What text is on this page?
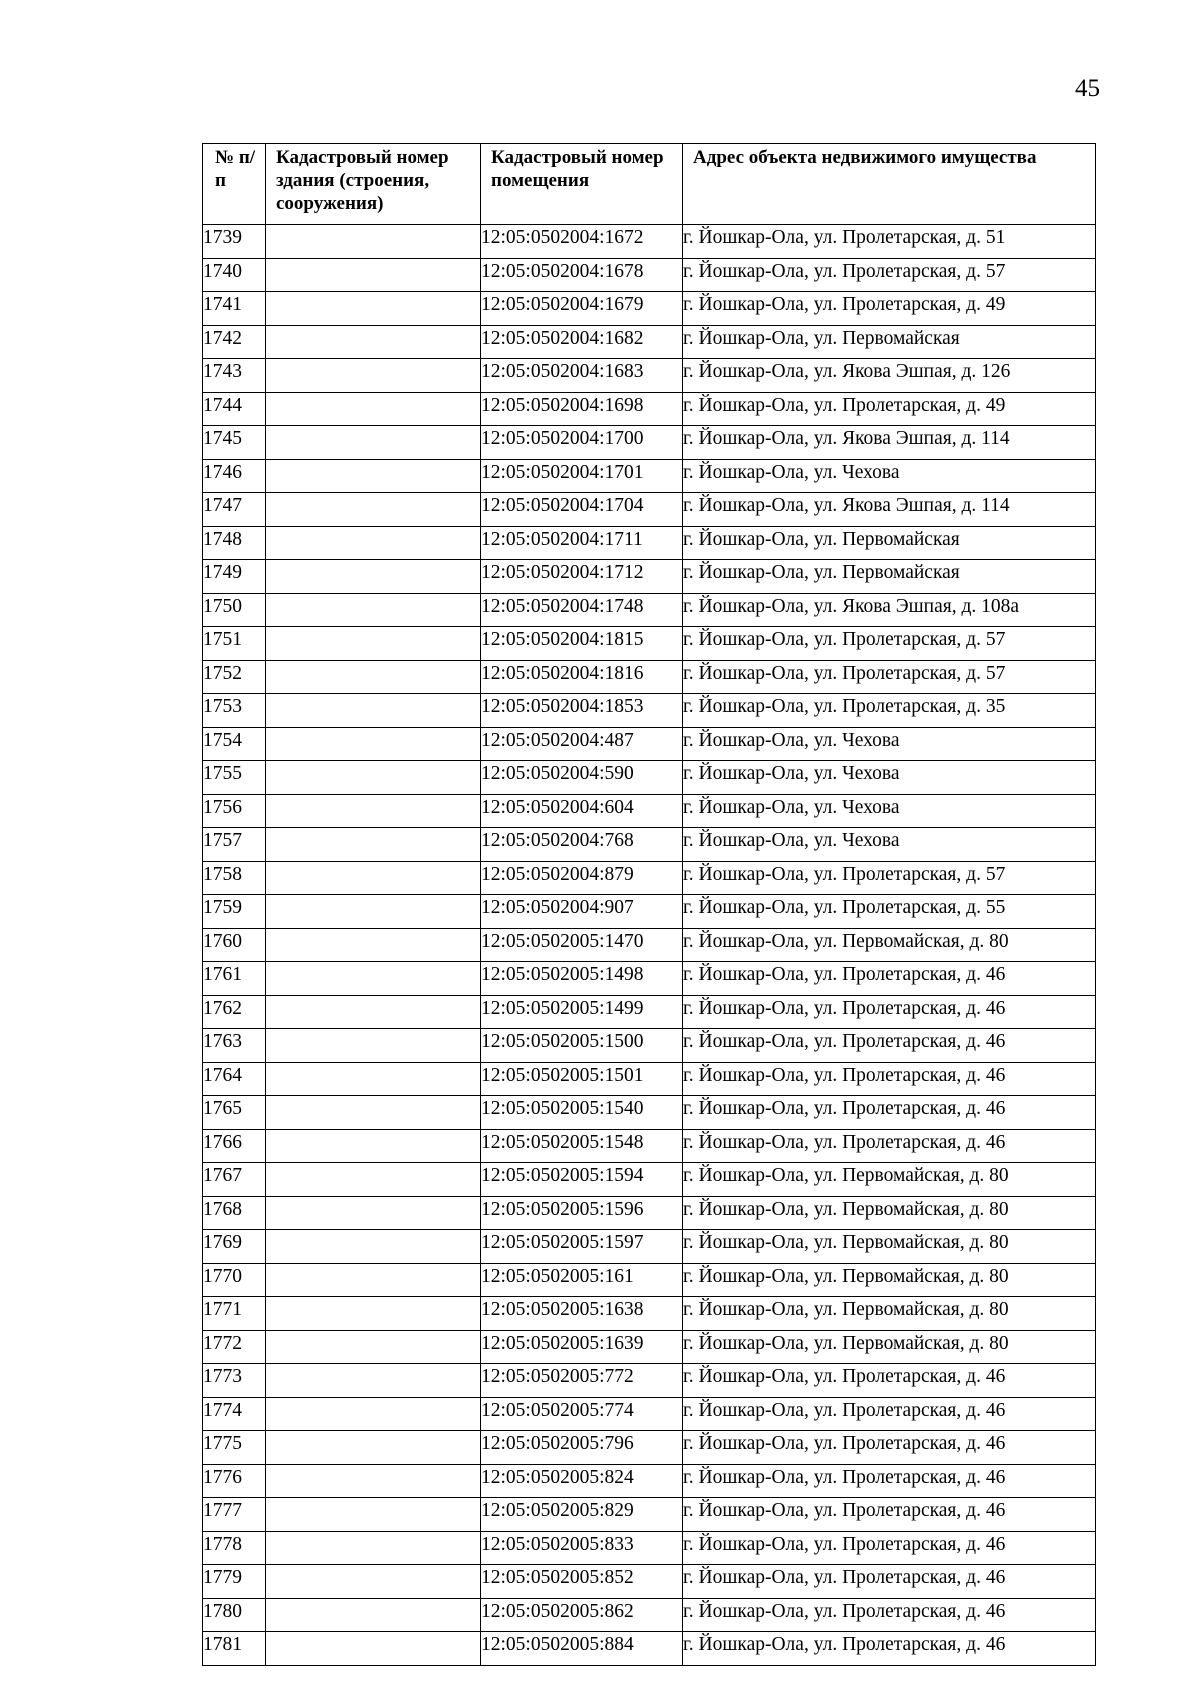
45
№ п/п	Кадастровый номер здания (строения, сооружения)	Кадастровый номер помещения	Адрес объекта недвижимого имущества
1739		12:05:0502004:1672	г. Йошкар-Ола, ул. Пролетарская, д. 51
1740		12:05:0502004:1678	г. Йошкар-Ола, ул. Пролетарская, д. 57
1741		12:05:0502004:1679	г. Йошкар-Ола, ул. Пролетарская, д. 49
1742		12:05:0502004:1682	г. Йошкар-Ола, ул. Первомайская
1743		12:05:0502004:1683	г. Йошкар-Ола, ул. Якова Эшпая, д. 126
1744		12:05:0502004:1698	г. Йошкар-Ола, ул. Пролетарская, д. 49
1745		12:05:0502004:1700	г. Йошкар-Ола, ул. Якова Эшпая, д. 114
1746		12:05:0502004:1701	г. Йошкар-Ола, ул. Чехова
1747		12:05:0502004:1704	г. Йошкар-Ола, ул. Якова Эшпая, д. 114
1748		12:05:0502004:1711	г. Йошкар-Ола, ул. Первомайская
1749		12:05:0502004:1712	г. Йошкар-Ола, ул. Первомайская
1750		12:05:0502004:1748	г. Йошкар-Ола, ул. Якова Эшпая, д. 108а
1751		12:05:0502004:1815	г. Йошкар-Ола, ул. Пролетарская, д. 57
1752		12:05:0502004:1816	г. Йошкар-Ола, ул. Пролетарская, д. 57
1753		12:05:0502004:1853	г. Йошкар-Ола, ул. Пролетарская, д. 35
1754		12:05:0502004:487	г. Йошкар-Ола, ул. Чехова
1755		12:05:0502004:590	г. Йошкар-Ола, ул. Чехова
1756		12:05:0502004:604	г. Йошкар-Ола, ул. Чехова
1757		12:05:0502004:768	г. Йошкар-Ола, ул. Чехова
1758		12:05:0502004:879	г. Йошкар-Ола, ул. Пролетарская, д. 57
1759		12:05:0502004:907	г. Йошкар-Ола, ул. Пролетарская, д. 55
1760		12:05:0502005:1470	г. Йошкар-Ола, ул. Первомайская, д. 80
1761		12:05:0502005:1498	г. Йошкар-Ола, ул. Пролетарская, д. 46
1762		12:05:0502005:1499	г. Йошкар-Ола, ул. Пролетарская, д. 46
1763		12:05:0502005:1500	г. Йошкар-Ола, ул. Пролетарская, д. 46
1764		12:05:0502005:1501	г. Йошкар-Ола, ул. Пролетарская, д. 46
1765		12:05:0502005:1540	г. Йошкар-Ола, ул. Пролетарская, д. 46
1766		12:05:0502005:1548	г. Йошкар-Ола, ул. Пролетарская, д. 46
1767		12:05:0502005:1594	г. Йошкар-Ола, ул. Первомайская, д. 80
1768		12:05:0502005:1596	г. Йошкар-Ола, ул. Первомайская, д. 80
1769		12:05:0502005:1597	г. Йошкар-Ола, ул. Первомайская, д. 80
1770		12:05:0502005:161	г. Йошкар-Ола, ул. Первомайская, д. 80
1771		12:05:0502005:1638	г. Йошкар-Ола, ул. Первомайская, д. 80
1772		12:05:0502005:1639	г. Йошкар-Ола, ул. Первомайская, д. 80
1773		12:05:0502005:772	г. Йошкар-Ола, ул. Пролетарская, д. 46
1774		12:05:0502005:774	г. Йошкар-Ола, ул. Пролетарская, д. 46
1775		12:05:0502005:796	г. Йошкар-Ола, ул. Пролетарская, д. 46
1776		12:05:0502005:824	г. Йошкар-Ола, ул. Пролетарская, д. 46
1777		12:05:0502005:829	г. Йошкар-Ола, ул. Пролетарская, д. 46
1778		12:05:0502005:833	г. Йошкар-Ола, ул. Пролетарская, д. 46
1779		12:05:0502005:852	г. Йошкар-Ола, ул. Пролетарская, д. 46
1780		12:05:0502005:862	г. Йошкар-Ола, ул. Пролетарская, д. 46
1781		12:05:0502005:884	г. Йошкар-Ола, ул. Пролетарская, д. 46
